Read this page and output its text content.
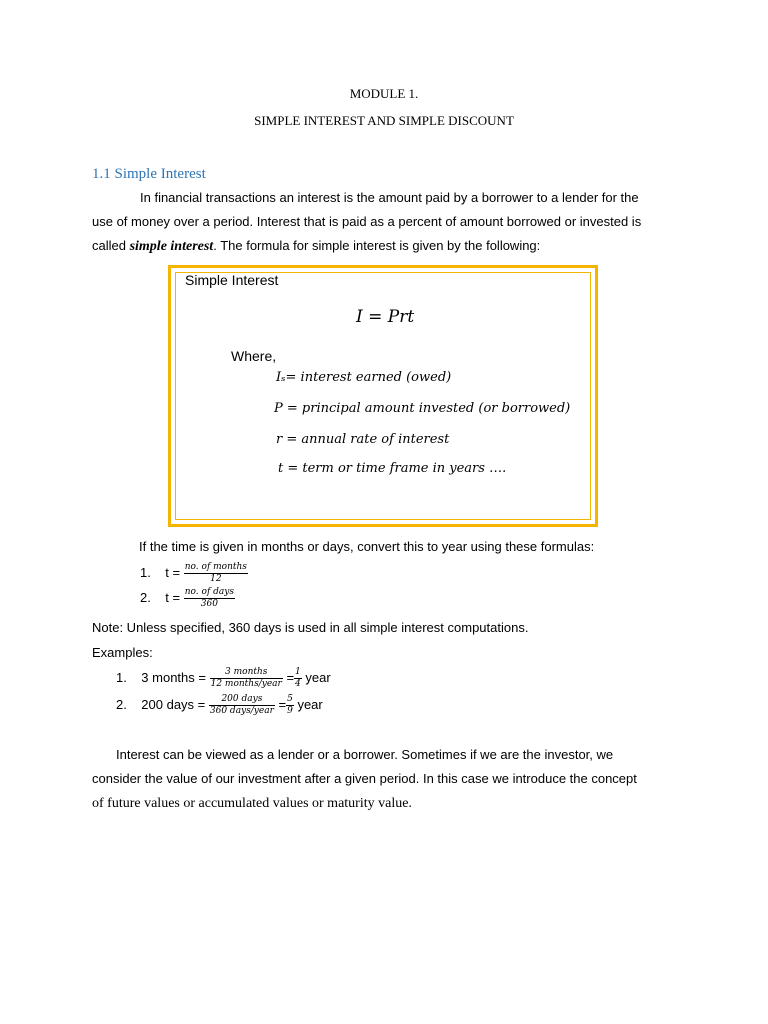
MODULE 1.
SIMPLE INTEREST AND SIMPLE DISCOUNT
1.1 Simple Interest
In financial transactions an interest is the amount paid by a borrower to a lender for the
use of money over a period. Interest that is paid as a percent of amount borrowed or invested is
called simple interest. The formula for simple interest is given by the following:
Simple Interest
I = Prt
Where,
Iₛ= interest earned (owed)
P = principal amount invested (or borrowed)
r = annual rate of interest
t = term or time frame in years ….
If the time is given in months or days, convert this to year using these formulas:
1. $t = \frac{\text{no. of months}}{12}$
2. $t = \frac{\text{no. of days}}{360}$
Note: Unless specified, 360 days is used in all simple interest computations.
Examples:
1. 3 months = $\frac{\text{3 months}}{\text{12 months/year}} = \frac{1}{4}$ year
2. 200 days = $\frac{\text{200 days}}{\text{360 days/year}} = \frac{5}{9}$ year
Interest can be viewed as a lender or a borrower. Sometimes if we are the investor, we
consider the value of our investment after a given period. In this case we introduce the concept
of future values or accumulated values or maturity value.
